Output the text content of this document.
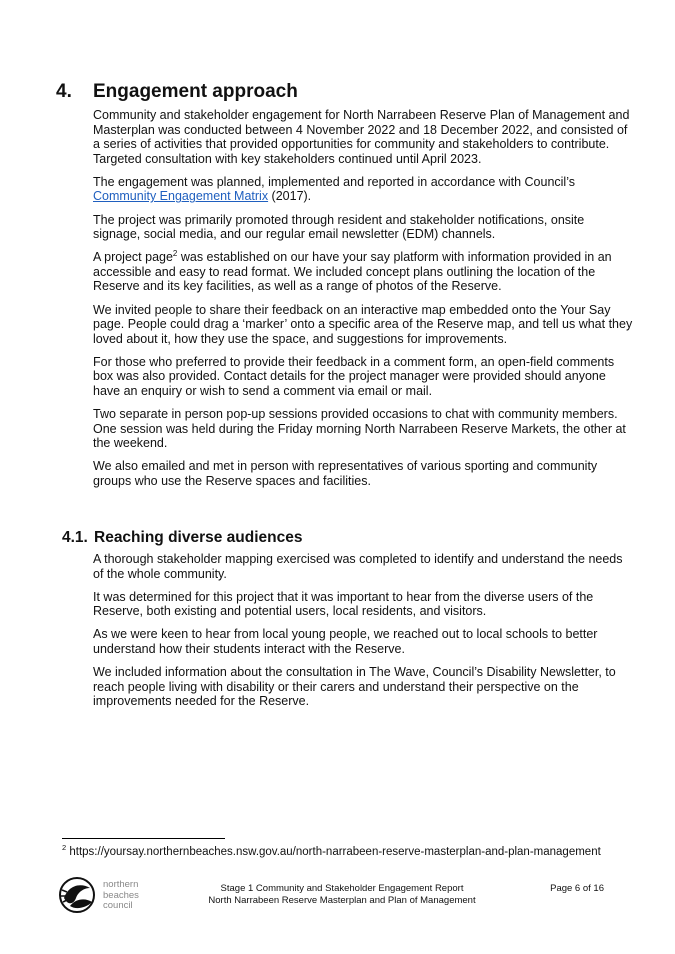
4. Engagement approach

Community and stakeholder engagement for North Narrabeen Reserve Plan of Management and Masterplan was conducted between 4 November 2022 and 18 December 2022, and consisted of a series of activities that provided opportunities for community and stakeholders to contribute. Targeted consultation with key stakeholders continued until April 2023.

The engagement was planned, implemented and reported in accordance with Council’s Community Engagement Matrix (2017).

The project was primarily promoted through resident and stakeholder notifications, onsite signage, social media, and our regular email newsletter (EDM) channels.

A project page$^2$ was established on our have your say platform with information provided in an accessible and easy to read format. We included concept plans outlining the location of the Reserve and its key facilities, as well as a range of photos of the Reserve.

We invited people to share their feedback on an interactive map embedded onto the Your Say page. People could drag a ‘marker’ onto a specific area of the Reserve map, and tell us what they loved about it, how they use the space, and suggestions for improvements.

For those who preferred to provide their feedback in a comment form, an open-field comments box was also provided. Contact details for the project manager were provided should anyone have an enquiry or wish to send a comment via email or mail.

Two separate in person pop-up sessions provided occasions to chat with community members. One session was held during the Friday morning North Narrabeen Reserve Markets, the other at the weekend.

We also emailed and met in person with representatives of various sporting and community groups who use the Reserve spaces and facilities.

4.1. Reaching diverse audiences

A thorough stakeholder mapping exercised was completed to identify and understand the needs of the whole community.

It was determined for this project that it was important to hear from the diverse users of the Reserve, both existing and potential users, local residents, and visitors.

As we were keen to hear from local young people, we reached out to local schools to better understand how their students interact with the Reserve.

We included information about the consultation in The Wave, Council’s Disability Newsletter, to reach people living with disability or their carers and understand their perspective on the improvements needed for the Reserve.

$^2$ https://yoursay.northernbeaches.nsw.gov.au/north-narrabeen-reserve-masterplan-and-plan-management
northern
beaches
council
Stage 1 Community and Stakeholder Engagement Report
North Narrabeen Reserve Masterplan and Plan of Management
Page 6 of 16
